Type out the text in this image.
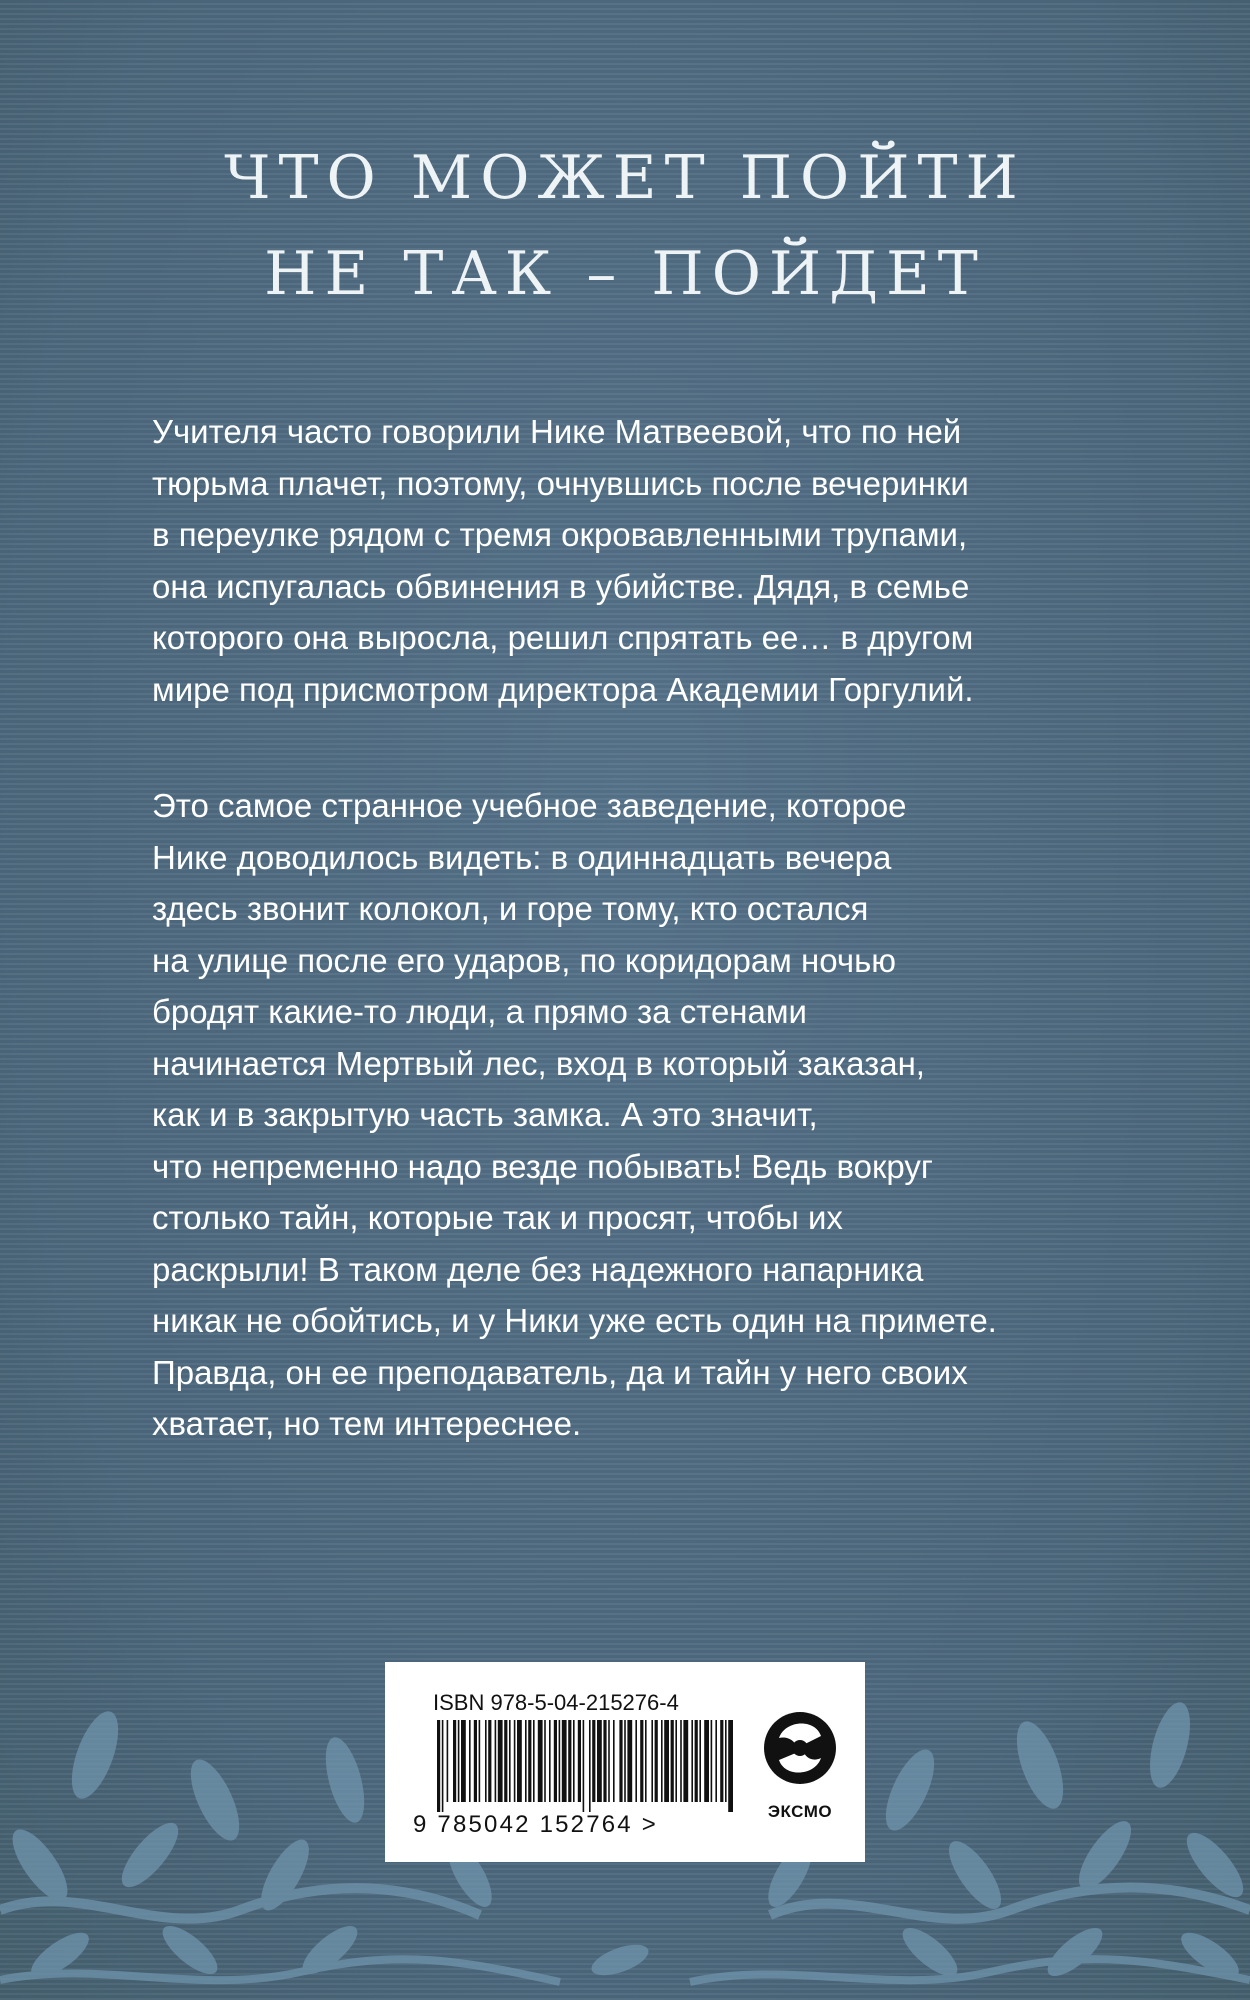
ЧТО МОЖЕТ ПОЙТИ
НЕ ТАК – ПОЙДЕТ
Учителя часто говорили Нике Матвеевой, что по ней
тюрьма плачет, поэтому, очнувшись после вечеринки
в переулке рядом с тремя окровавленными трупами,
она испугалась обвинения в убийстве. Дядя, в семье
которого она выросла, решил спрятать ее… в другом
мире под присмотром директора Академии Горгулий.
Это самое странное учебное заведение, которое
Нике доводилось видеть: в одиннадцать вечера
здесь звонит колокол, и горе тому, кто остался
на улице после его ударов, по коридорам ночью
бродят какие-то люди, а прямо за стенами
начинается Мертвый лес, вход в который заказан,
как и в закрытую часть замка. А это значит,
что непременно надо везде побывать! Ведь вокруг
столько тайн, которые так и просят, чтобы их
раскрыли! В таком деле без надежного напарника
никак не обойтись, и у Ники уже есть один на примете.
Правда, он ее преподаватель, да и тайн у него своих
хватает, но тем интереснее.
ISBN 978-5-04-215276-4
9 785042 152764 >	ЭКСМО
